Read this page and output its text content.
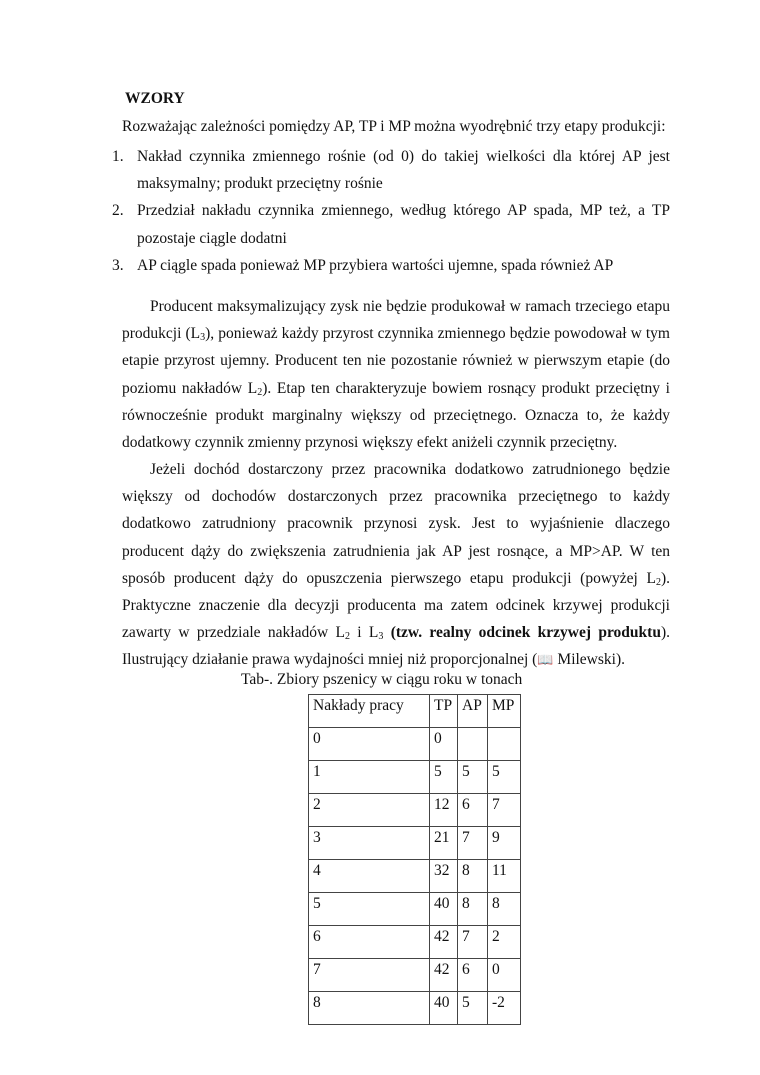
WZORY
Rozważając zależności pomiędzy AP, TP i MP można wyodrębnić trzy etapy produkcji:
1. Nakład czynnika zmiennego rośnie (od 0) do takiej wielkości dla której AP jest maksymalny; produkt przeciętny rośnie
2. Przedział nakładu czynnika zmiennego, według którego AP spada, MP też, a TP pozostaje ciągle dodatni
3. AP ciągle spada ponieważ MP przybiera wartości ujemne, spada również AP
Producent maksymalizujący zysk nie będzie produkował w ramach trzeciego etapu produkcji $(L_3)$, ponieważ każdy przyrost czynnika zmiennego będzie powodował w tym etapie przyrost ujemny. Producent ten nie pozostanie również w pierwszym etapie (do poziomu nakładów $L_2$). Etap ten charakteryzuje bowiem rosnący produkt przeciętny i równocześnie produkt marginalny większy od przeciętnego. Oznacza to, że każdy dodatkowy czynnik zmienny przynosi większy efekt aniżeli czynnik przeciętny.
Jeżeli dochód dostarczony przez pracownika dodatkowo zatrudnionego będzie większy od dochodów dostarczonych przez pracownika przeciętnego to każdy dodatkowo zatrudniony pracownik przynosi zysk. Jest to wyjaśnienie dlaczego producent dąży do zwiększenia zatrudnienia jak AP jest rosnące, a MP>AP. W ten sposób producent dąży do opuszczenia pierwszego etapu produkcji (powyżej $L_2$). Praktyczne znaczenie dla decyzji producenta ma zatem odcinek krzywej produkcji zawarty w przedziale nakładów $L_2$ i $L_3$ (tzw. realny odcinek krzywej produktu). Ilustrujący działanie prawa wydajności mniej niż proporcjonalnej (📖 Milewski).
Tab-. Zbiory pszenicy w ciągu roku w tonach
Nakłady pracy	TP	AP	MP
0	0		
1	5	5	5
2	12	6	7
3	21	7	9
4	32	8	11
5	40	8	8
6	42	7	2
7	42	6	0
8	40	5	-2
